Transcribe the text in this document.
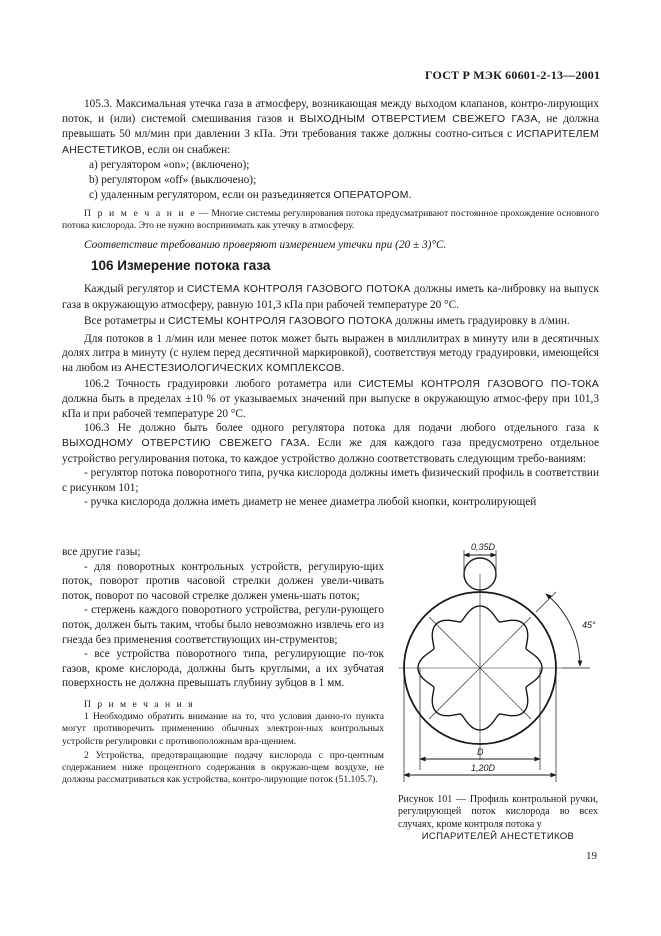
ГОСТ Р МЭК 60601-2-13—2001

105.3. Максимальная утечка газа в атмосферу, возникающая между выходом клапанов, контро-лирующих поток, и (или) системой смешивания газов и ВЫХОДНЫМ ОТВЕРСТИЕМ СВЕЖЕГО ГАЗА, не должна превышать 50 мл/мин при давлении 3 кПа. Эти требования также должны соотно-ситься с ИСПАРИТЕЛЕМ АНЕСТЕТИКОВ, если он снабжен:

а) регулятором «on»; (включено);

b) регулятором «off» (выключено);

с) удаленным регулятором, если он разъединяется ОПЕРАТОРОМ.

П р и м е ч а н и е — Многие системы регулирования потока предусматривают постоянное прохождение основного потока кислорода. Это не нужно воспринимать как утечку в атмосферу.

Соответствие требованию проверяют измерением утечки при (20 ± 3)°С.

106 Измерение потока газа

Каждый регулятор и СИСТЕМА КОНТРОЛЯ ГАЗОВОГО ПОТОКА должны иметь ка-либровку на выпуск газа в окружающую атмосферу, равную 101,3 кПа при рабочей температуре 20 °С.

Все ротаметры и СИСТЕМЫ КОНТРОЛЯ ГАЗОВОГО ПОТОКА должны иметь градуировку в л/мин.

Для потоков в 1 л/мин или менее поток может быть выражен в миллилитрах в минуту или в десятичных долях литра в минуту (с нулем перед десятичной маркировкой), соответствуя методу градуировки, имеющейся на любом из АНЕСТЕЗИОЛОГИЧЕСКИХ КОМПЛЕКСОВ.

106.2 Точность градуировки любого ротаметра или СИСТЕМЫ КОНТРОЛЯ ГАЗОВОГО ПО-ТОКА должна быть в пределах ±10 % от указываемых значений при выпуске в окружающую атмос-феру при 101,3 кПа и при рабочей температуре 20 °С.

106.3 Не должно быть более одного регулятора потока для подачи любого отдельного газа к ВЫХОДНОМУ ОТВЕРСТИЮ СВЕЖЕГО ГАЗА. Если же для каждого газа предусмотрено отдельное устройство регулирования потока, то каждое устройство должно соответствовать следующим требо-ваниям:

- регулятор потока поворотного типа, ручка кислорода должны иметь физический профиль в соответствии с рисунком 101;

- ручка кислорода должна иметь диаметр не менее диаметра любой кнопки, контролирующей

все другие газы;

- для поворотных контрольных устройств, регулирую-щих поток, поворот против часовой стрелки должен увели-чивать поток, поворот по часовой стрелке должен умень-шать поток;

- стержень каждого поворотного устройства, регули-рующего поток, должен быть таким, чтобы было невозможно извлечь его из гнезда без применения соответствующих ин-струментов;

- все устройства поворотного типа, регулирующие по-ток газов, кроме кислорода, должны быть круглыми, а их зубчатая поверхность не должна превышать глубину зубцов в 1 мм.

П р и м е ч а н и я

1 Необходимо обратить внимание на то, что условия данно-го пункта могут противоречить применению обычных электрон-ных контрольных устройств регулировки с противоположным вра-щением.

2 Устройства, предотвращающие подачу кислорода с про-центным содержанием ниже процентного содержания в окружаю-щем воздухе, не должны рассматриваться как устройства, контро-лирующие поток (51.105.7).

0,35D
45°
D
1,20D

Рисунок 101 — Профиль контрольной ручки, регулирующей поток кислорода во всех случаях, кроме контроля потока у

ИСПАРИТЕЛЕЙ АНЕСТЕТИКОВ

19
